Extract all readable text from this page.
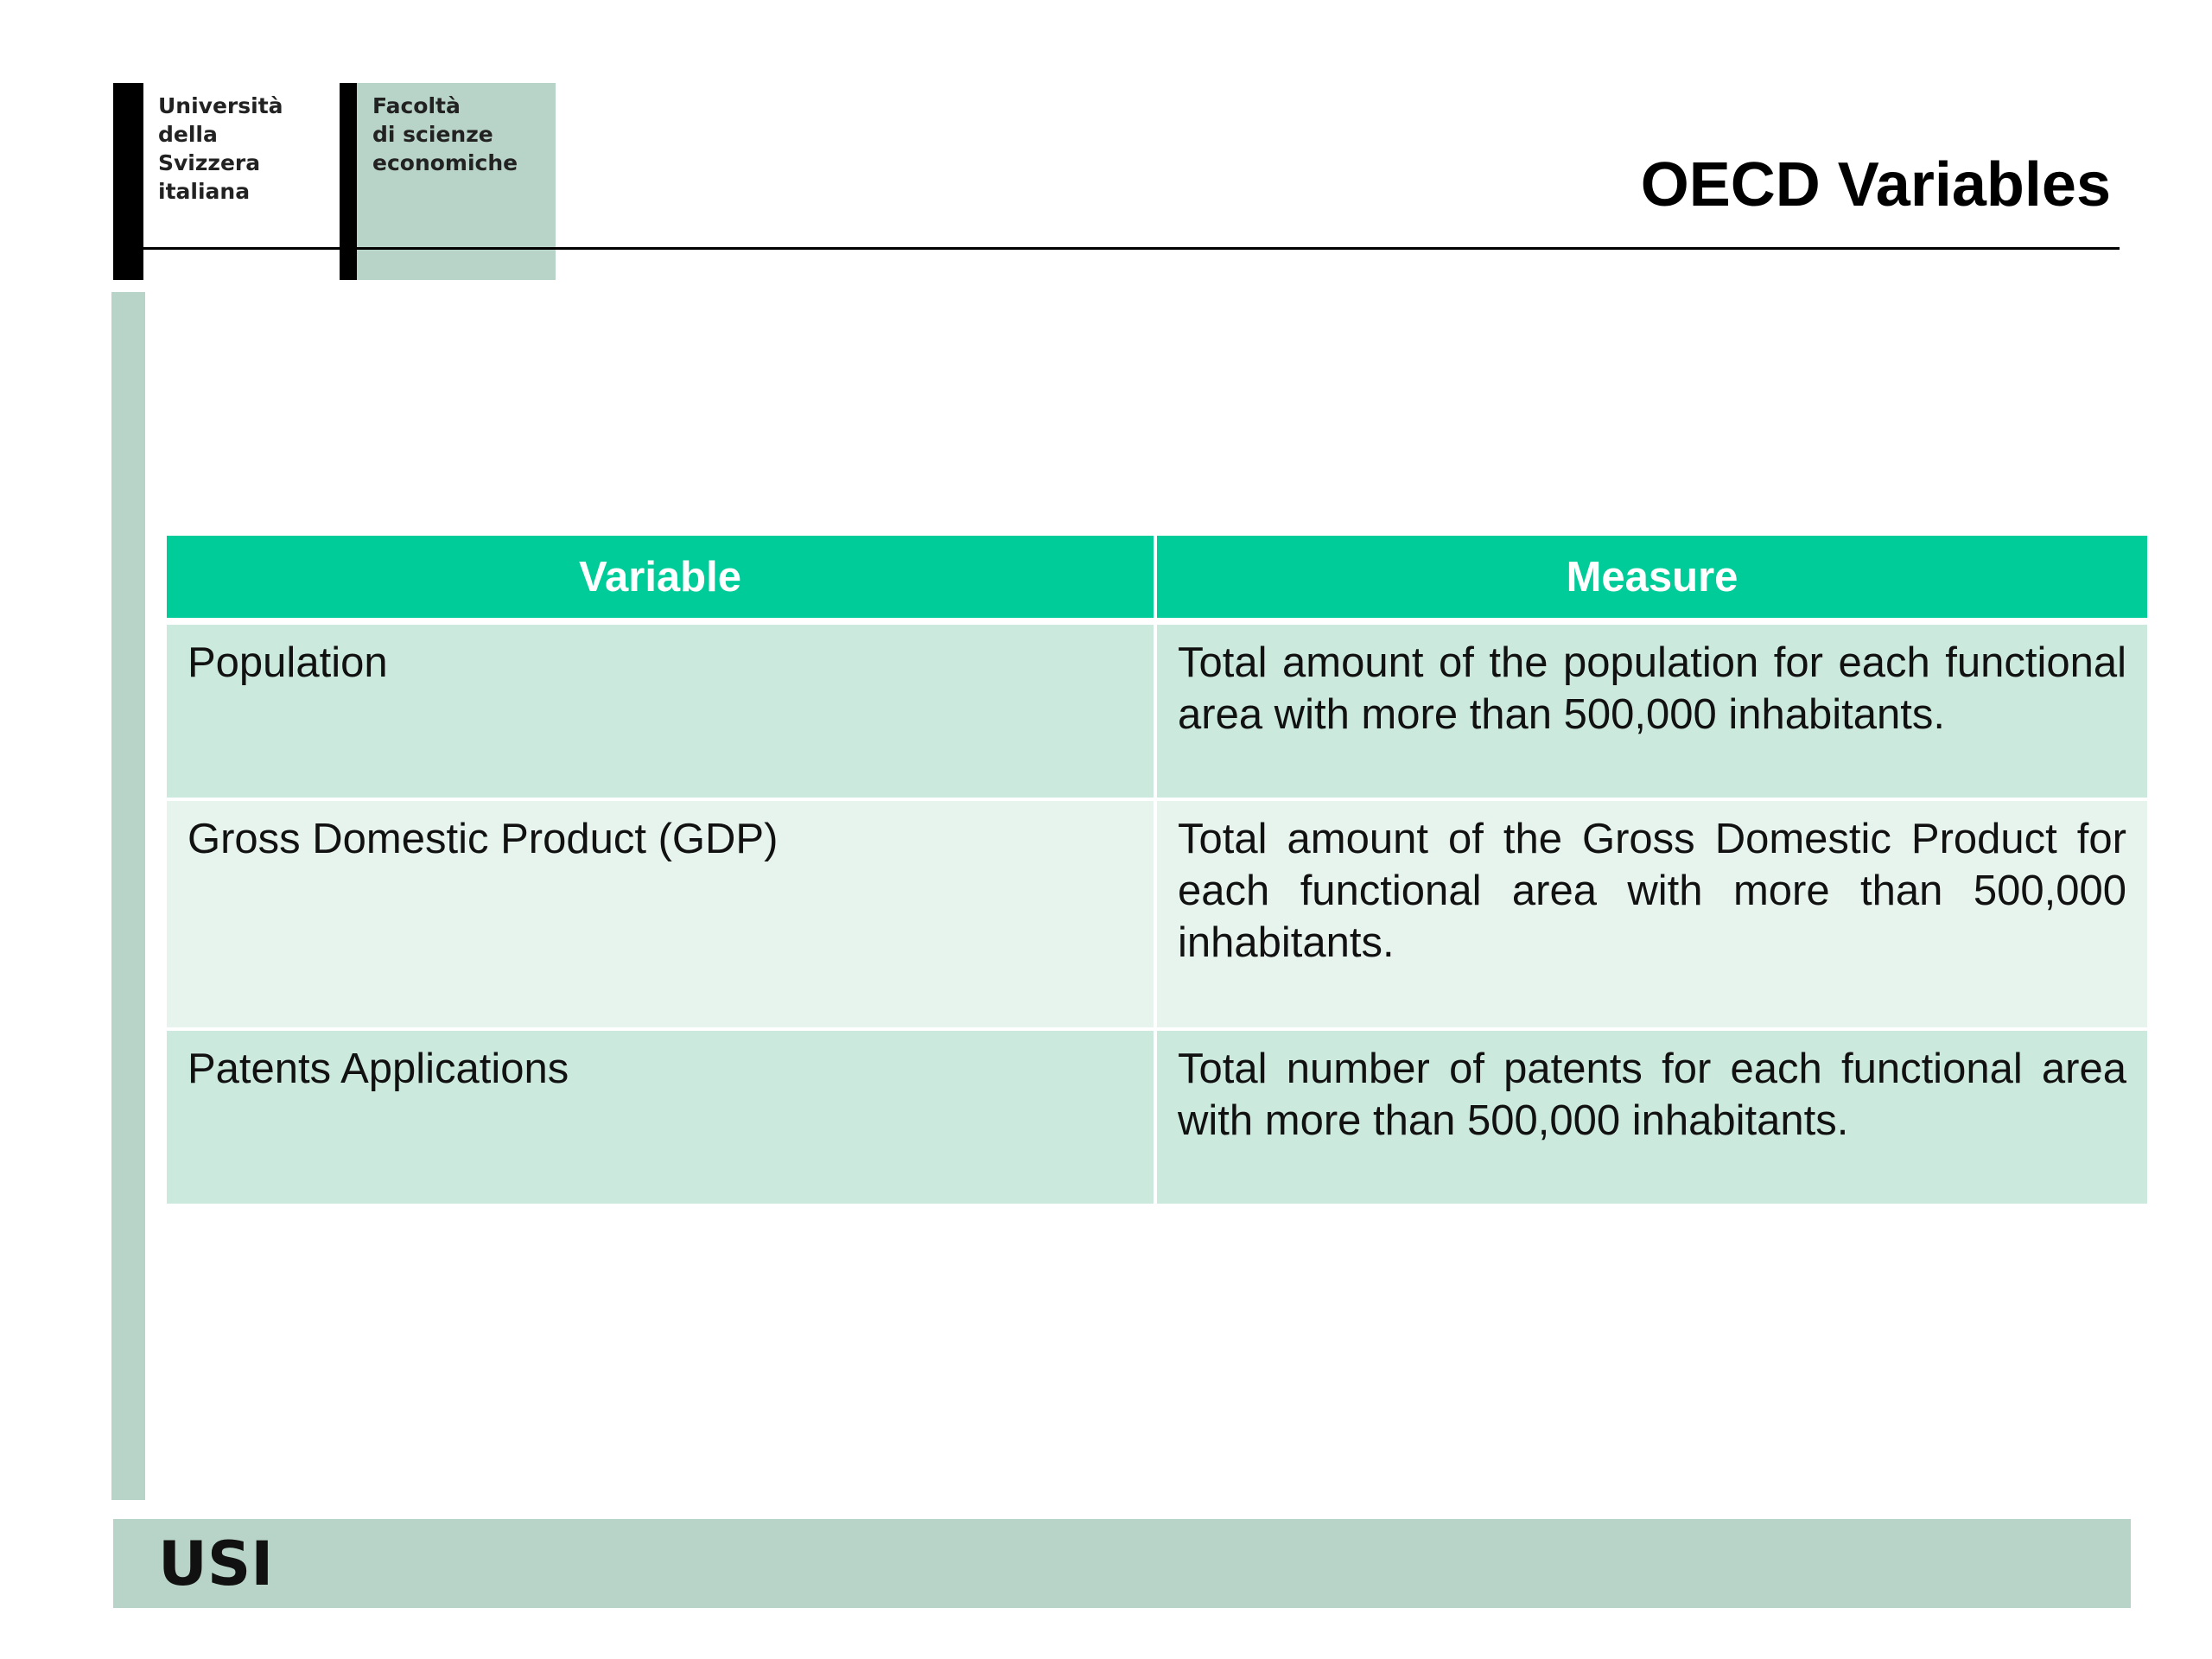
Università
della
Svizzera
italiana
Facoltà
di scienze
economiche	OECD Variables
Variable	Measure
Population	Total amount of the population for each functional area with more than 500,000 inhabitants.
Gross Domestic Product (GDP)	Total amount of the Gross Domestic Product for each functional area with more than 500,000 inhabitants.
Patents Applications	Total number of patents for each functional area with more than 500,000 inhabitants.
USI
